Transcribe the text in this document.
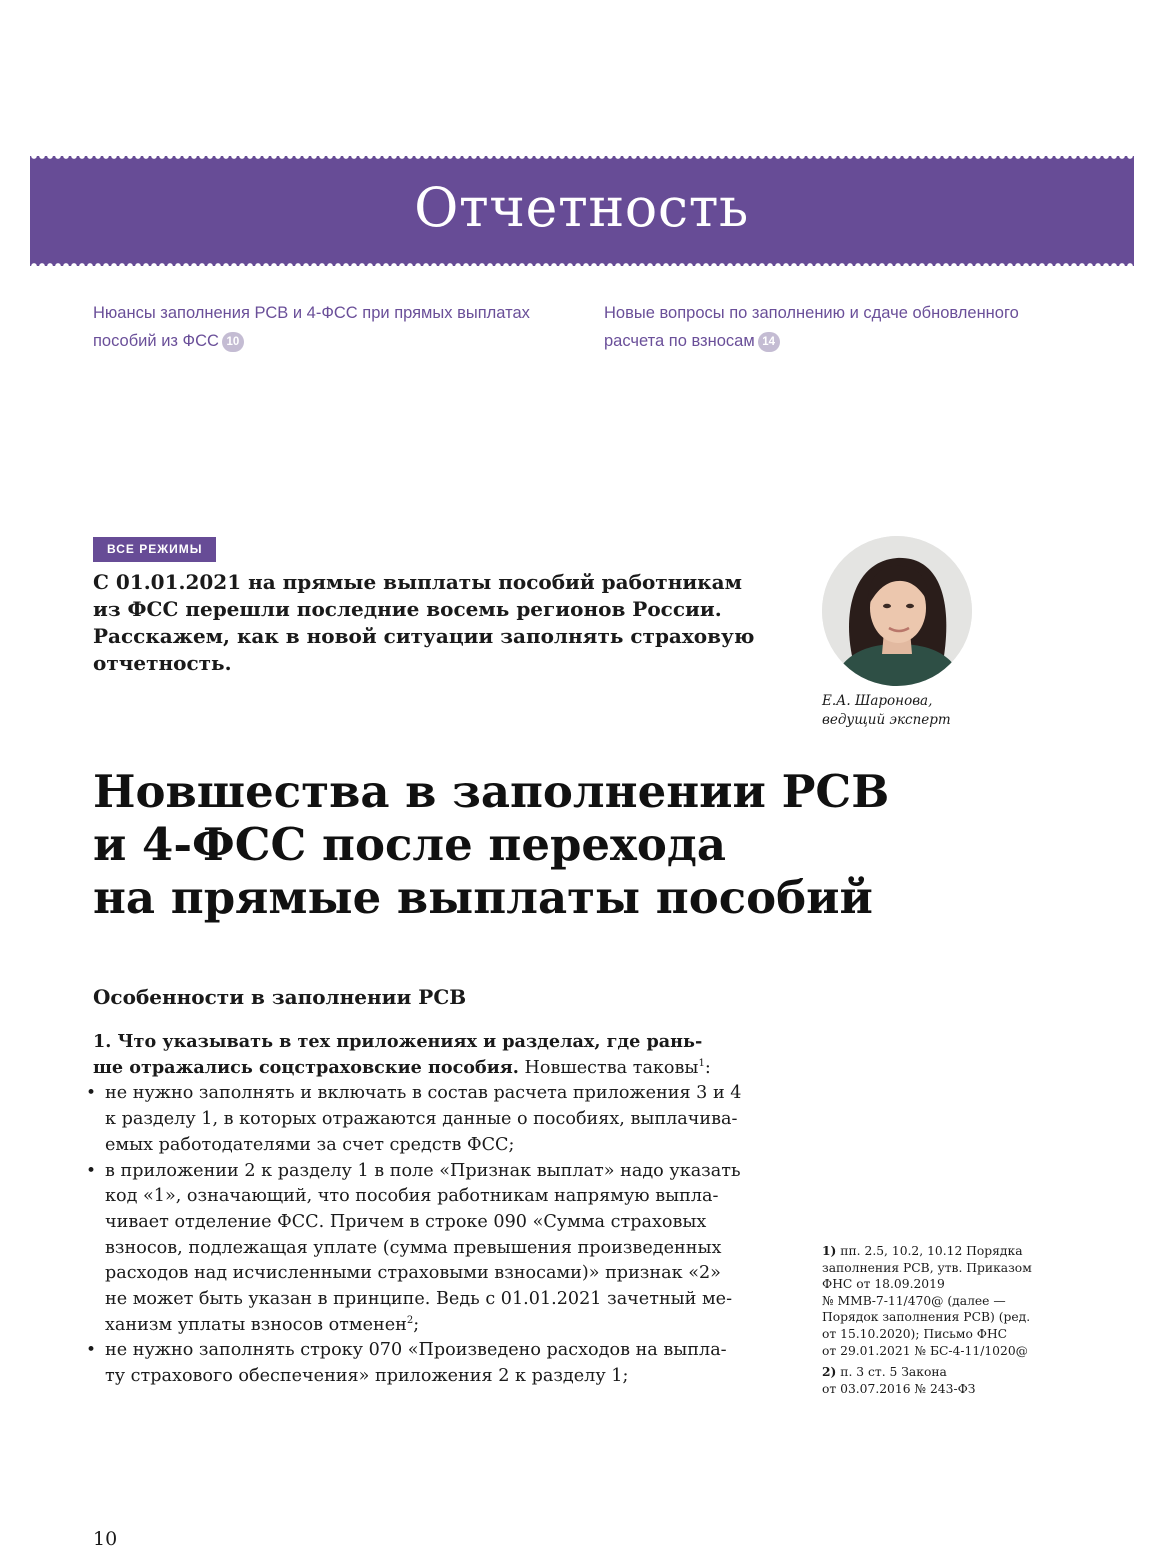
Отчетность
Нюансы заполнения РСВ и 4-ФСС при прямых выплатах
пособий из ФСС 10
Новые вопросы по заполнению и сдаче обновленного
расчета по взносам 14
ВСЕ РЕЖИМЫ
С 01.01.2021 на прямые выплаты пособий работникам
из ФСС перешли последние восемь регионов России.
Расскажем, как в новой ситуации заполнять страховую
отчетность.
Е.А. Шаронова,
ведущий эксперт
Новшества в заполнении РСВ
и 4-ФСС после перехода
на прямые выплаты пособий
Особенности в заполнении РСВ
1. Что указывать в тех приложениях и разделах, где рань-
ше отражались соцстраховские пособия. Новшества таковы$^1$:
• не нужно заполнять и включать в состав расчета приложения 3 и 4
к разделу 1, в которых отражаются данные о пособиях, выплачива-
емых работодателями за счет средств ФСС;
• в приложении 2 к разделу 1 в поле «Признак выплат» надо указать
код «1», означающий, что пособия работникам напрямую выпла-
чивает отделение ФСС. Причем в строке 090 «Сумма страховых
взносов, подлежащая уплате (сумма превышения произведенных
расходов над исчисленными страховыми взносами)» признак «2»
не может быть указан в принципе. Ведь с 01.01.2021 зачетный ме-
ханизм уплаты взносов отменен$^2$;
• не нужно заполнять строку 070 «Произведено расходов на выпла-
ту страхового обеспечения» приложения 2 к разделу 1;
1) пп. 2.5, 10.2, 10.12 Порядка
заполнения РСВ, утв. Приказом
ФНС от 18.09.2019
№ ММВ-7-11/470@ (далее —
Порядок заполнения РСВ) (ред.
от 15.10.2020); Письмо ФНС
от 29.01.2021 № БС-4-11/1020@
2) п. 3 ст. 5 Закона
от 03.07.2016 № 243-ФЗ
10
